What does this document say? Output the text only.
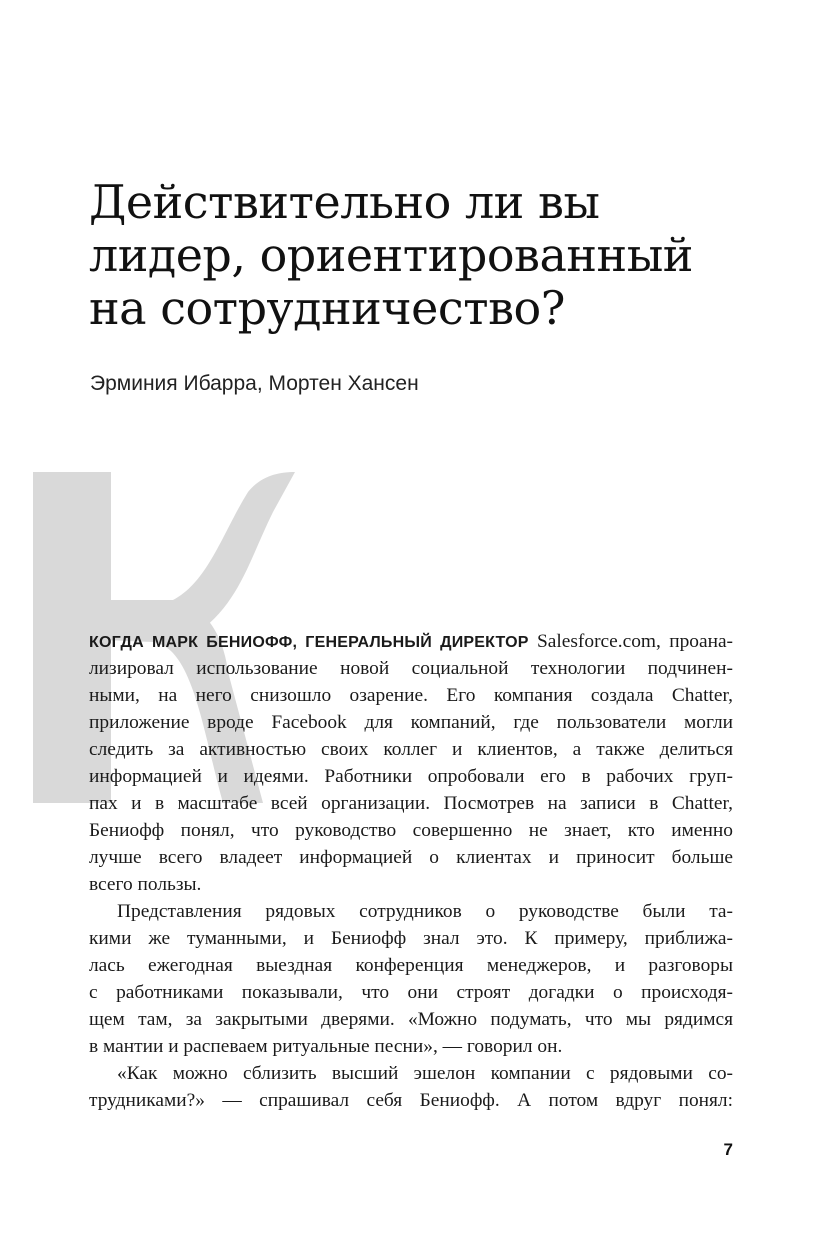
Действительно ли вы
лидер, ориентированный
на сотрудничество?
Эрминия Ибарра, Мортен Хансен
КОГДА МАРК БЕНИОФФ, ГЕНЕРАЛЬНЫЙ ДИРЕКТОР Salesforce.com, проана-
лизировал использование новой социальной технологии подчинен-
ными, на него снизошло озарение. Его компания создала Chatter,
приложение вроде Facebook для компаний, где пользователи могли
следить за активностью своих коллег и клиентов, а также делиться
информацией и идеями. Работники опробовали его в рабочих груп-
пах и в масштабе всей организации. Посмотрев на записи в Chatter,
Бениофф понял, что руководство совершенно не знает, кто именно
лучше всего владеет информацией о клиентах и приносит больше
всего пользы.
Представления рядовых сотрудников о руководстве были та-
кими же туманными, и Бениофф знал это. К примеру, приближа-
лась ежегодная выездная конференция менеджеров, и разговоры
с работниками показывали, что они строят догадки о происходя-
щем там, за закрытыми дверями. «Можно подумать, что мы рядимся
в мантии и распеваем ритуальные песни», — говорил он.
«Как можно сблизить высший эшелон компании с рядовыми со-
трудниками?» — спрашивал себя Бениофф. А потом вдруг понял:
7
